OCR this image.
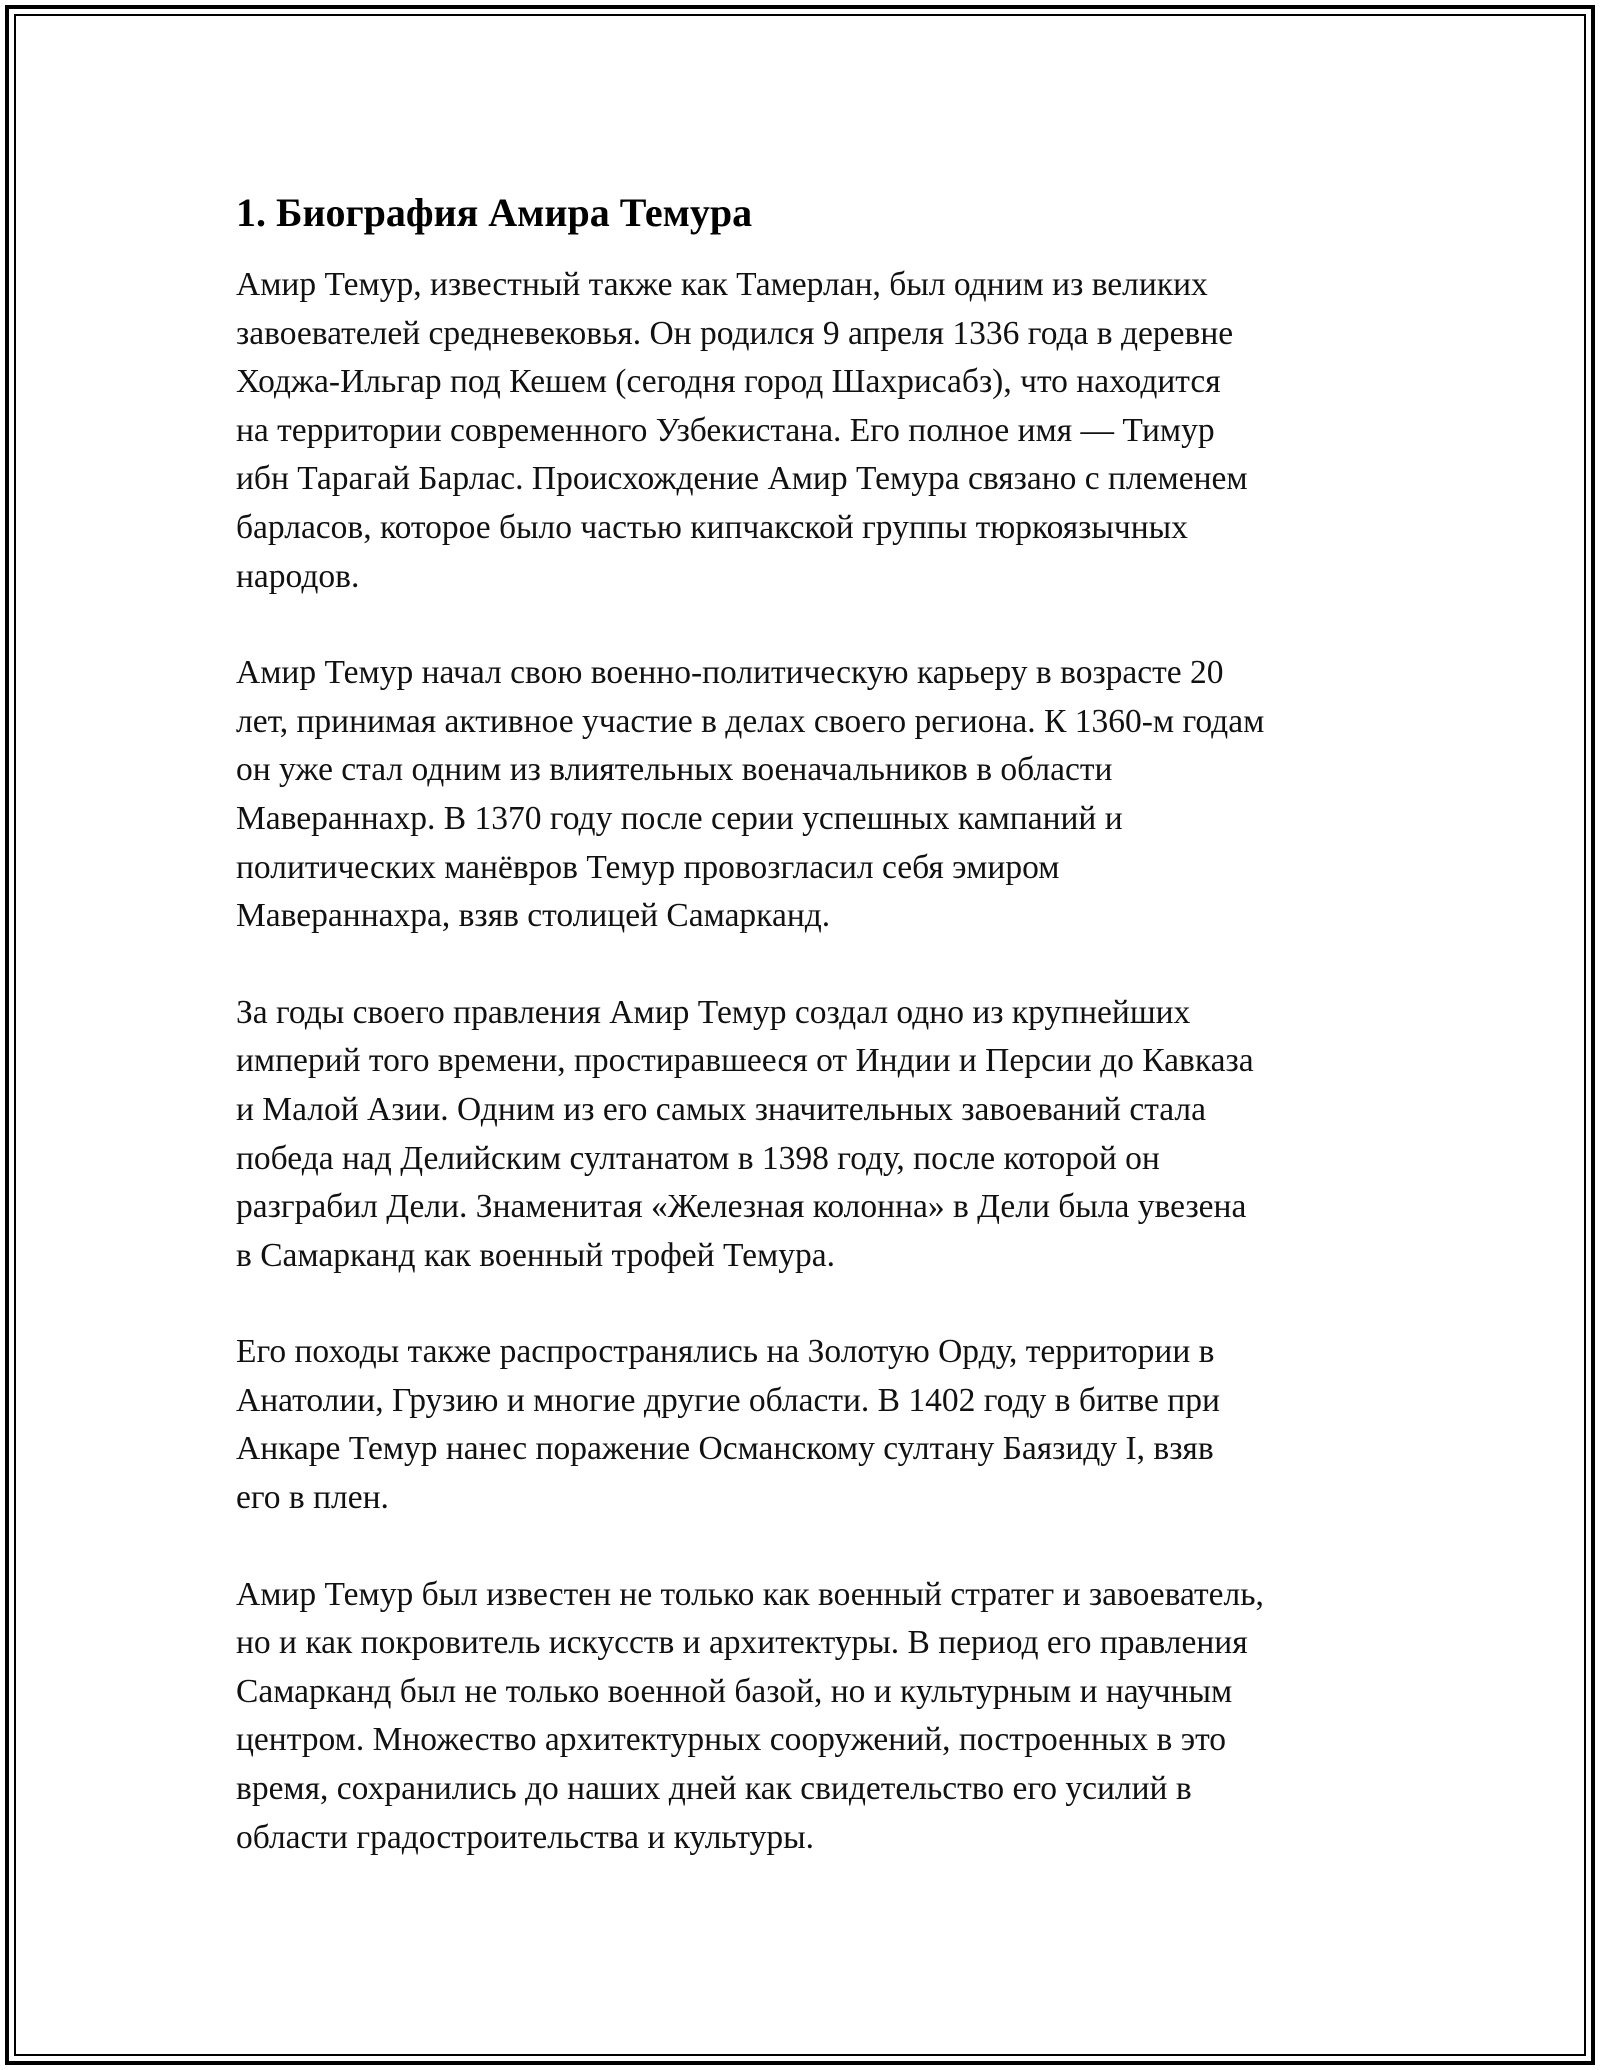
1. Биография Амира Темура

Амир Темур, известный также как Тамерлан, был одним из великих
завоевателей средневековья. Он родился 9 апреля 1336 года в деревне
Ходжа-Ильгар под Кешем (сегодня город Шахрисабз), что находится
на территории современного Узбекистана. Его полное имя — Тимур
ибн Тарагай Барлас. Происхождение Амир Темура связано с племенем
барласов, которое было частью кипчакской группы тюркоязычных
народов.

Амир Темур начал свою военно-политическую карьеру в возрасте 20
лет, принимая активное участие в делах своего региона. К 1360-м годам
он уже стал одним из влиятельных военачальников в области
Мавераннахр. В 1370 году после серии успешных кампаний и
политических манёвров Темур провозгласил себя эмиром
Мавераннахра, взяв столицей Самарканд.

За годы своего правления Амир Темур создал одно из крупнейших
империй того времени, простиравшееся от Индии и Персии до Кавказа
и Малой Азии. Одним из его самых значительных завоеваний стала
победа над Делийским султанатом в 1398 году, после которой он
разграбил Дели. Знаменитая «Железная колонна» в Дели была увезена
в Самарканд как военный трофей Темура.

Его походы также распространялись на Золотую Орду, территории в
Анатолии, Грузию и многие другие области. В 1402 году в битве при
Анкаре Темур нанес поражение Османскому султану Баязиду I, взяв
его в плен.

Амир Темур был известен не только как военный стратег и завоеватель,
но и как покровитель искусств и архитектуры. В период его правления
Самарканд был не только военной базой, но и культурным и научным
центром. Множество архитектурных сооружений, построенных в это
время, сохранились до наших дней как свидетельство его усилий в
области градостроительства и культуры.
